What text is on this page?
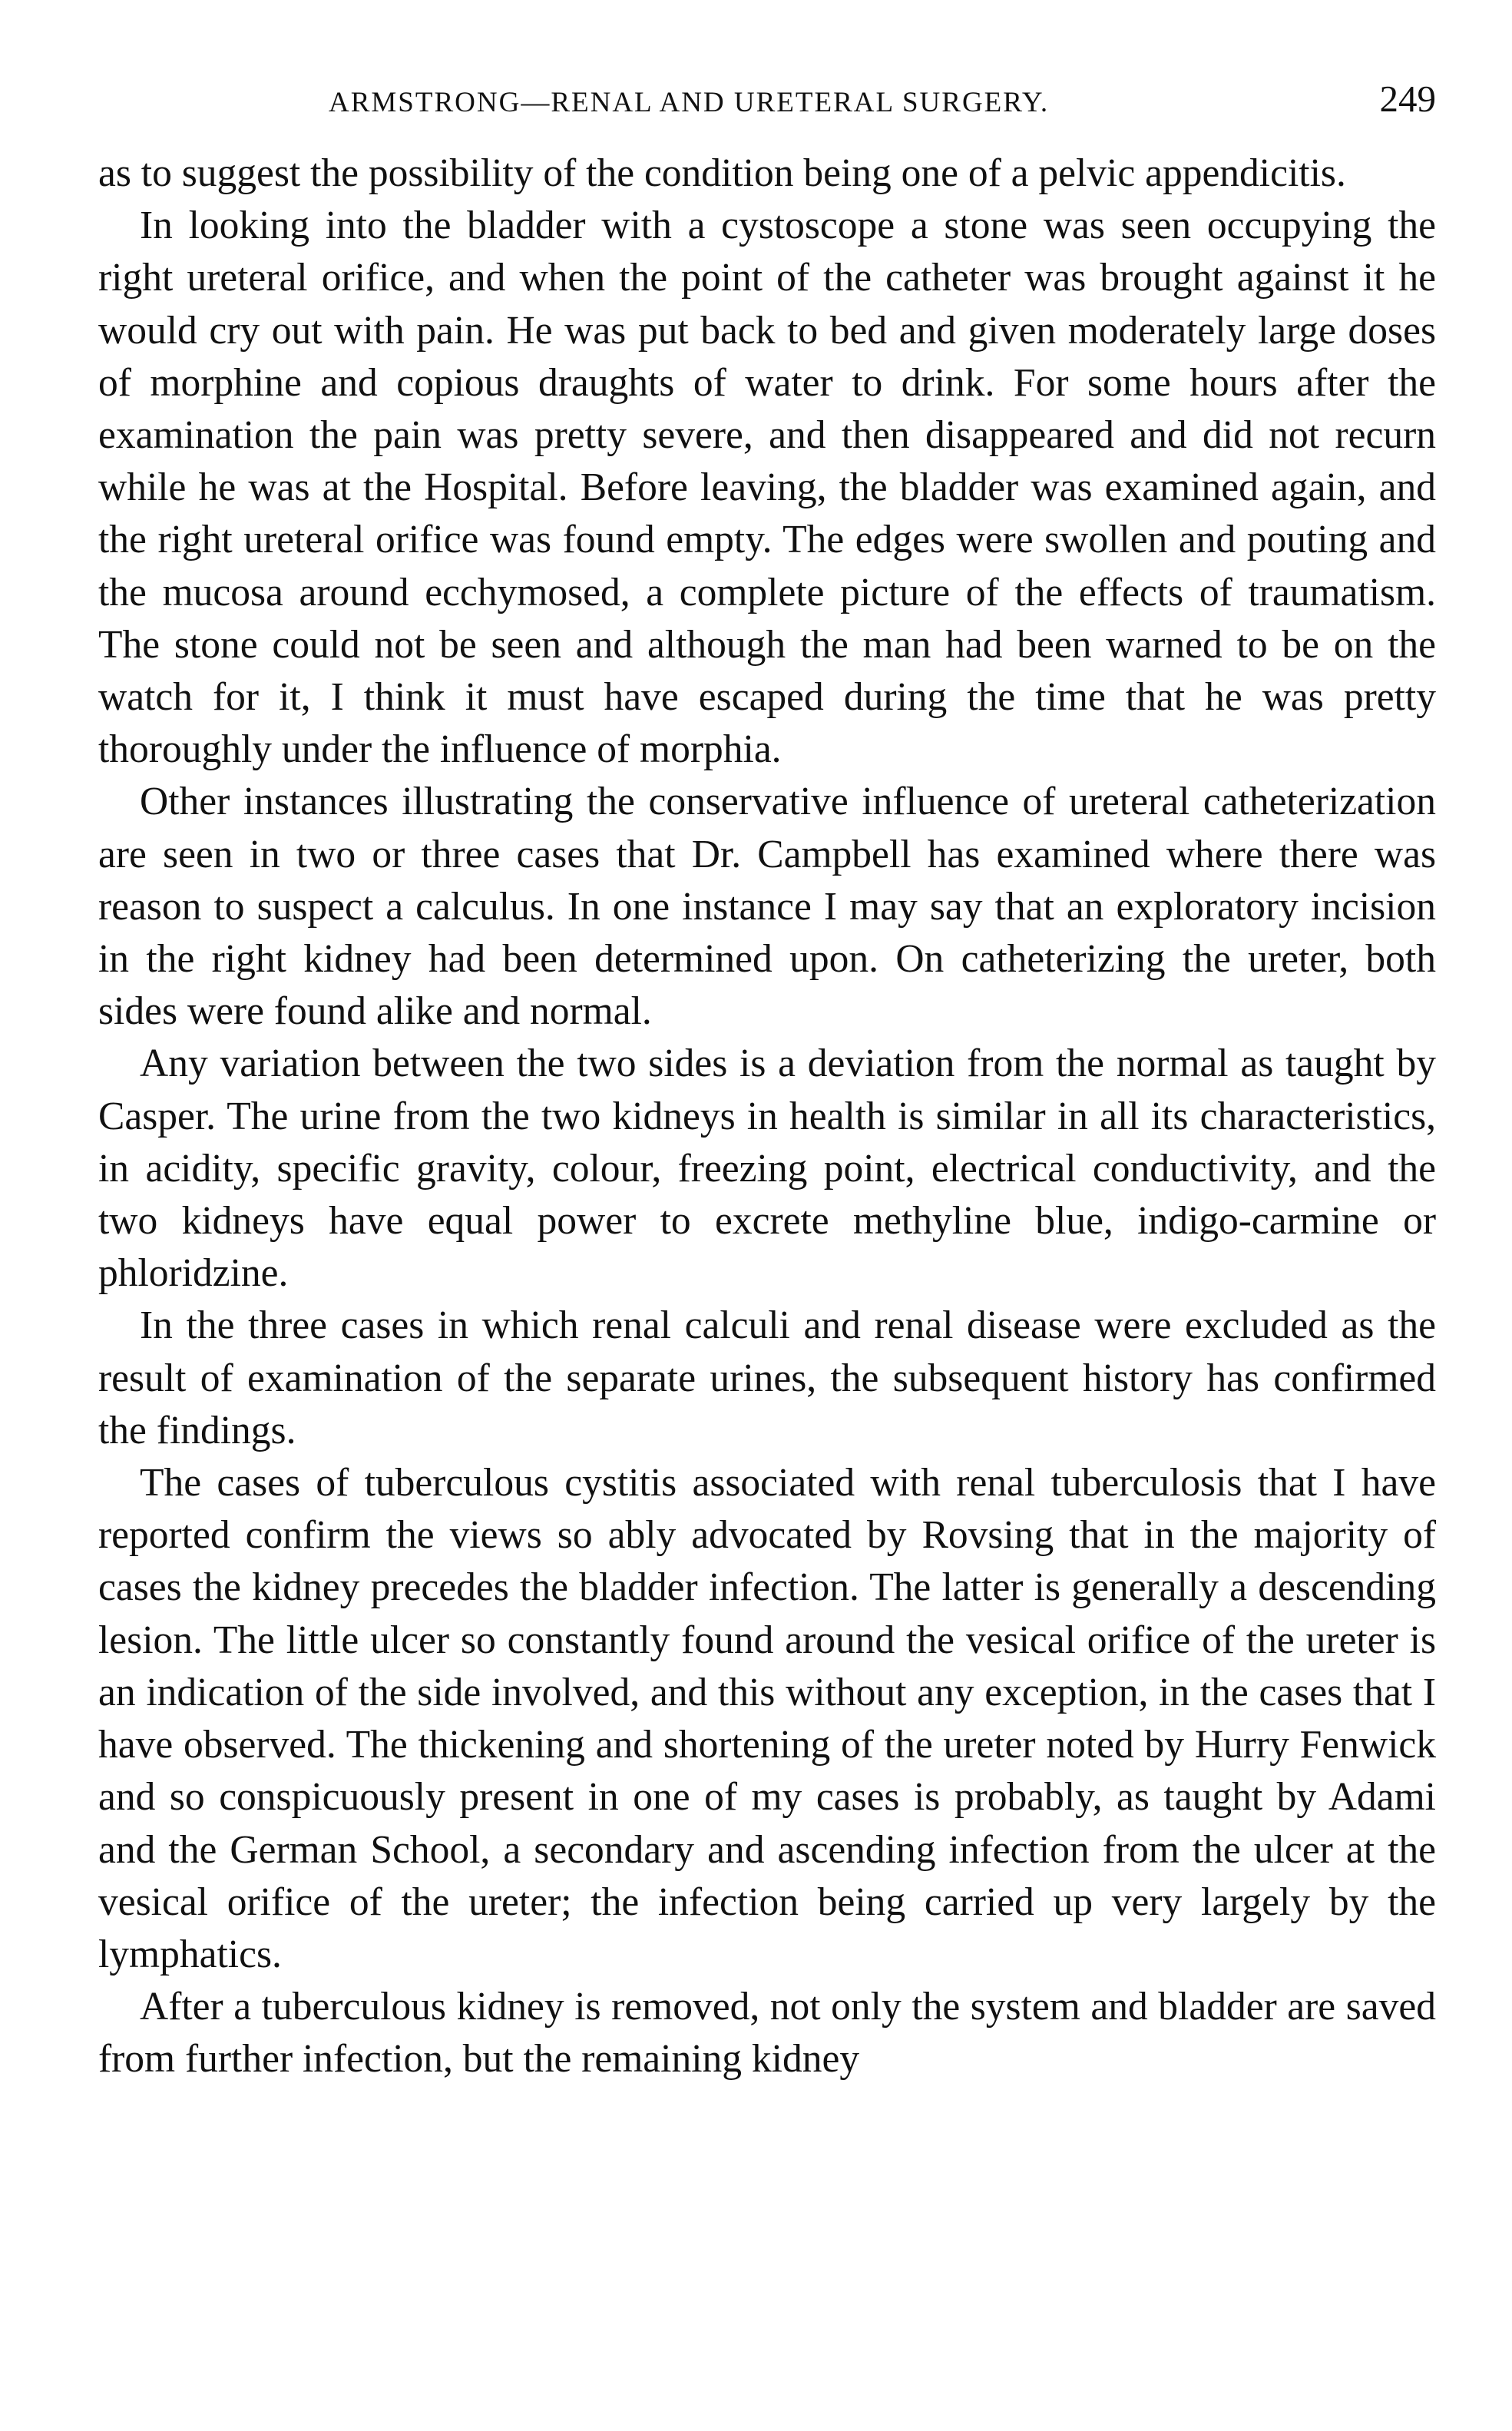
ARMSTRONG—RENAL AND URETERAL SURGERY.	249

as to suggest the possibility of the condition being one of a pelvic appendicitis.

In looking into the bladder with a cystoscope a stone was seen occupying the right ureteral orifice, and when the point of the catheter was brought against it he would cry out with pain. He was put back to bed and given moderately large doses of morphine and copious draughts of water to drink. For some hours after the examination the pain was pretty severe, and then disappeared and did not recurn while he was at the Hospital. Before leaving, the bladder was examined again, and the right ureteral orifice was found empty. The edges were swollen and pouting and the mucosa around ecchymosed, a complete picture of the effects of traumatism. The stone could not be seen and although the man had been warned to be on the watch for it, I think it must have escaped during the time that he was pretty thoroughly under the influence of morphia.

Other instances illustrating the conservative influence of ureteral catheterization are seen in two or three cases that Dr. Campbell has examined where there was reason to suspect a calculus. In one instance I may say that an exploratory incision in the right kidney had been determined upon. On catheterizing the ureter, both sides were found alike and normal.

Any variation between the two sides is a deviation from the normal as taught by Casper. The urine from the two kidneys in health is similar in all its characteristics, in acidity, specific gravity, colour, freezing point, electrical conductivity, and the two kidneys have equal power to excrete methyline blue, indigo-carmine or phloridzine.

In the three cases in which renal calculi and renal disease were excluded as the result of examination of the separate urines, the subsequent history has confirmed the findings.

The cases of tuberculous cystitis associated with renal tuberculosis that I have reported confirm the views so ably advocated by Rovsing that in the majority of cases the kidney precedes the bladder infection. The latter is generally a descending lesion. The little ulcer so constantly found around the vesical orifice of the ureter is an indication of the side involved, and this without any exception, in the cases that I have observed. The thickening and shortening of the ureter noted by Hurry Fenwick and so conspicuously present in one of my cases is probably, as taught by Adami and the German School, a secondary and ascending infection from the ulcer at the vesical orifice of the ureter; the infection being carried up very largely by the lymphatics.

After a tuberculous kidney is removed, not only the system and bladder are saved from further infection, but the remaining kidney
